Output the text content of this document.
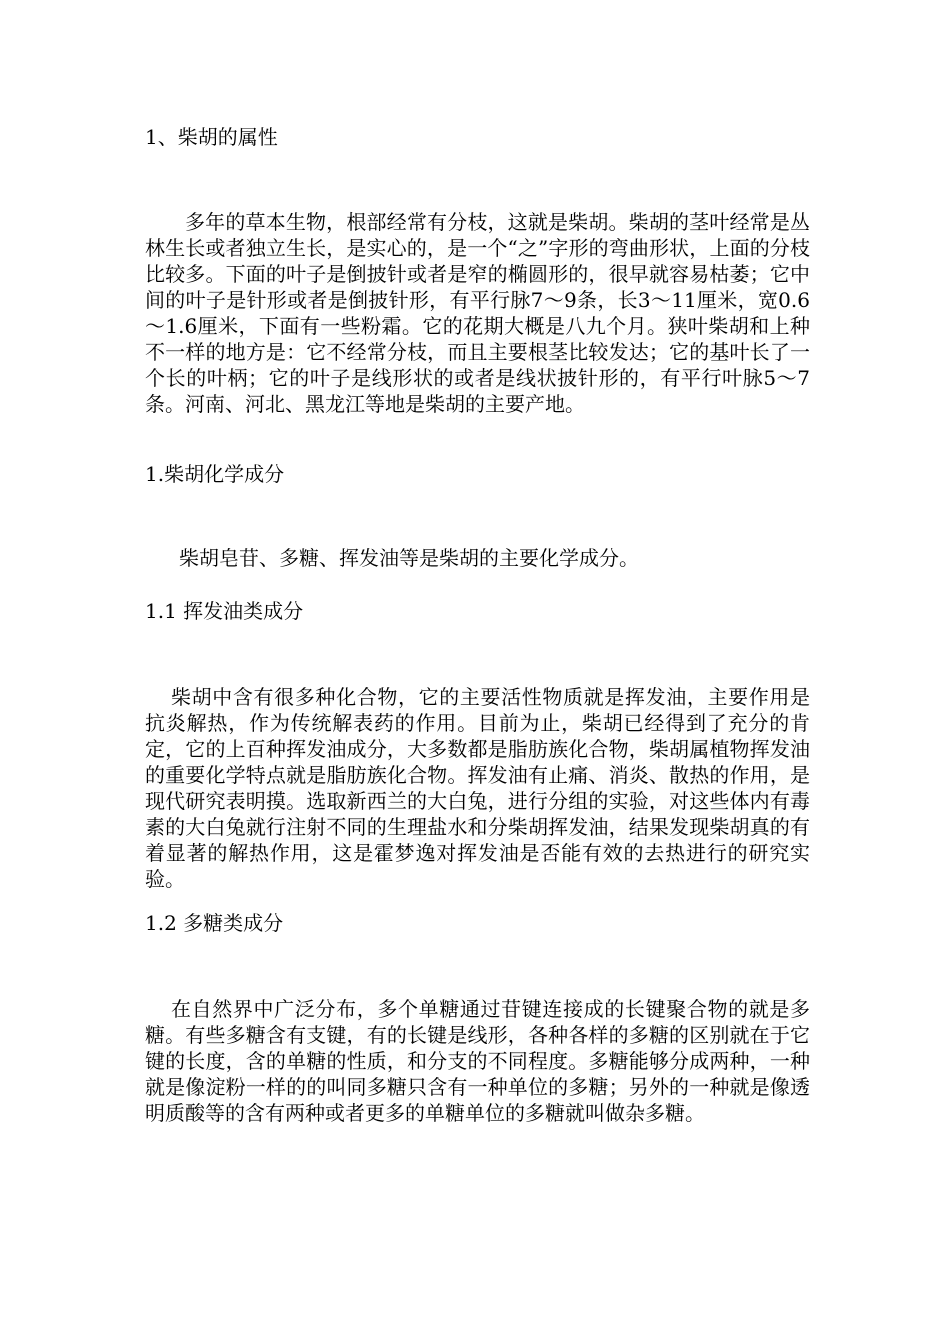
1、柴胡的属性

多年的草本生物，根部经常有分枝，这就是柴胡。柴胡的茎叶经常是丛林生长或者独立生长，是实心的，是一个“之”字形的弯曲形状，上面的分枝比较多。下面的叶子是倒披针或者是窄的椭圆形的，很早就容易枯萎；它中间的叶子是针形或者是倒披针形，有平行脉7～9条，长3～11厘米，宽0.6～1.6厘米，下面有一些粉霜。它的花期大概是八九个月。狭叶柴胡和上种不一样的地方是：它不经常分枝，而且主要根茎比较发达；它的基叶长了一个长的叶柄；它的叶子是线形状的或者是线状披针形的，有平行叶脉5～7条。河南、河北、黑龙江等地是柴胡的主要产地。

1.柴胡化学成分

柴胡皂苷、多糖、挥发油等是柴胡的主要化学成分。

1.1 挥发油类成分

柴胡中含有很多种化合物，它的主要活性物质就是挥发油，主要作用是抗炎解热，作为传统解表药的作用。目前为止，柴胡已经得到了充分的肯定，它的上百种挥发油成分，大多数都是脂肪族化合物，柴胡属植物挥发油的重要化学特点就是脂肪族化合物。挥发油有止痛、消炎、散热的作用，是现代研究表明摸。选取新西兰的大白兔，进行分组的实验，对这些体内有毒素的大白兔就行注射不同的生理盐水和分柴胡挥发油，结果发现柴胡真的有着显著的解热作用，这是霍梦逸对挥发油是否能有效的去热进行的研究实验。

1.2 多糖类成分

在自然界中广泛分布，多个单糖通过苷键连接成的长键聚合物的就是多糖。有些多糖含有支键，有的长键是线形，各种各样的多糖的区别就在于它键的长度，含的单糖的性质，和分支的不同程度。多糖能够分成两种，一种就是像淀粉一样的的叫同多糖只含有一种单位的多糖；另外的一种就是像透明质酸等的含有两种或者更多的单糖单位的多糖就叫做杂多糖。
